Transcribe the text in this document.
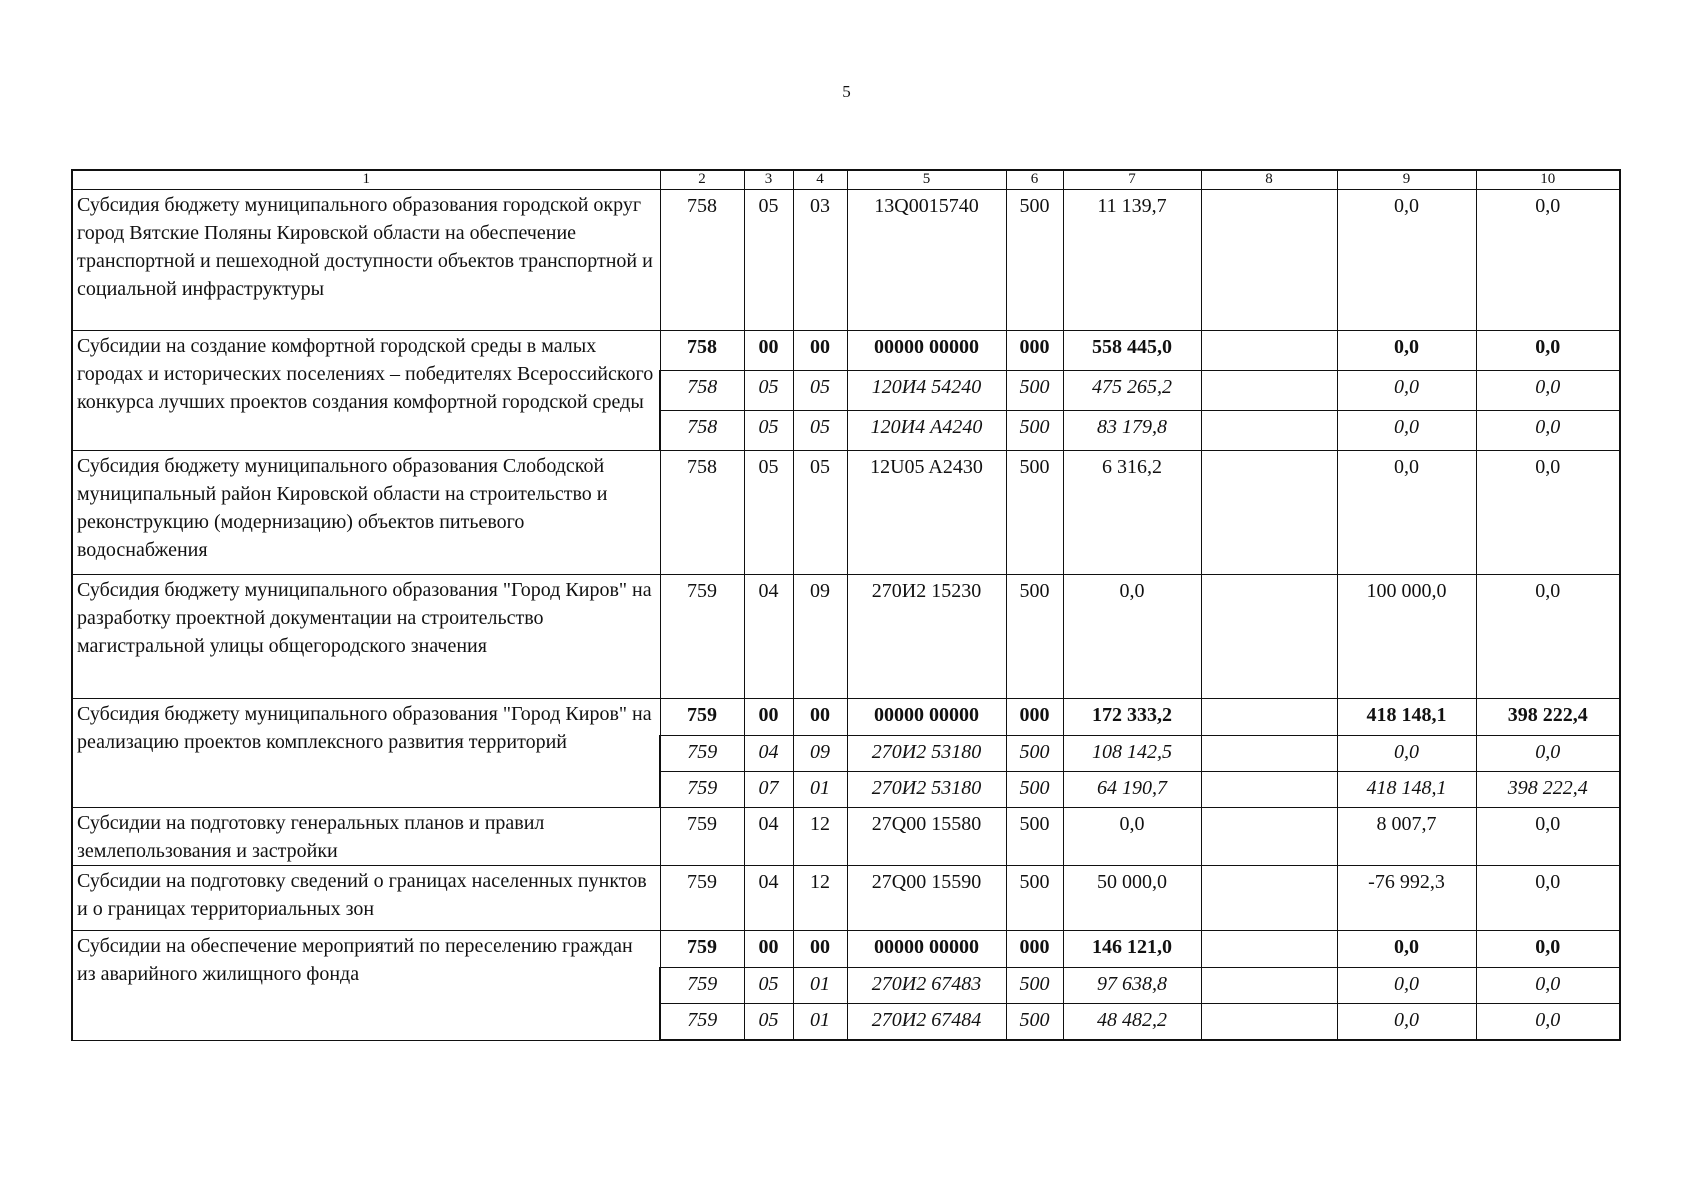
5
1	2	3	4	5	6	7	8	9	10
Субсидия бюджету муниципального образования городской округ город Вятские Поляны Кировской области на обеспечение транспортной и пешеходной доступности объектов транспортной и социальной инфраструктуры	758	05	03	13Q0015740	500	11 139,7		0,0	0,0
Субсидии на создание комфортной городской среды в малых городах и исторических поселениях – победителях Всероссийского конкурса лучших проектов создания комфортной городской среды	758	00	00	00000 00000	000	558 445,0		0,0	0,0
	758	05	05	120И4 54240	500	475 265,2		0,0	0,0
	758	05	05	120И4 А4240	500	83 179,8		0,0	0,0
Субсидия бюджету муниципального образования Слободской муниципальный район Кировской области на строительство и реконструкцию (модернизацию) объектов питьевого водоснабжения	758	05	05	12U05 A2430	500	6 316,2		0,0	0,0
Субсидия бюджету муниципального образования "Город Киров" на разработку проектной документации на строительство магистральной улицы общегородского значения	759	04	09	270И2 15230	500	0,0		100 000,0	0,0
Субсидия бюджету муниципального образования "Город Киров" на реализацию проектов комплексного развития территорий	759	00	00	00000 00000	000	172 333,2		418 148,1	398 222,4
	759	04	09	270И2 53180	500	108 142,5		0,0	0,0
	759	07	01	270И2 53180	500	64 190,7		418 148,1	398 222,4
Субсидии на подготовку генеральных планов и правил землепользования и застройки	759	04	12	27Q00 15580	500	0,0		8 007,7	0,0
Субсидии на подготовку сведений о границах населенных пунктов и о границах территориальных зон	759	04	12	27Q00 15590	500	50 000,0		-76 992,3	0,0
Субсидии на обеспечение мероприятий по переселению граждан из аварийного жилищного фонда	759	00	00	00000 00000	000	146 121,0		0,0	0,0
	759	05	01	270И2 67483	500	97 638,8		0,0	0,0
	759	05	01	270И2 67484	500	48 482,2		0,0	0,0
